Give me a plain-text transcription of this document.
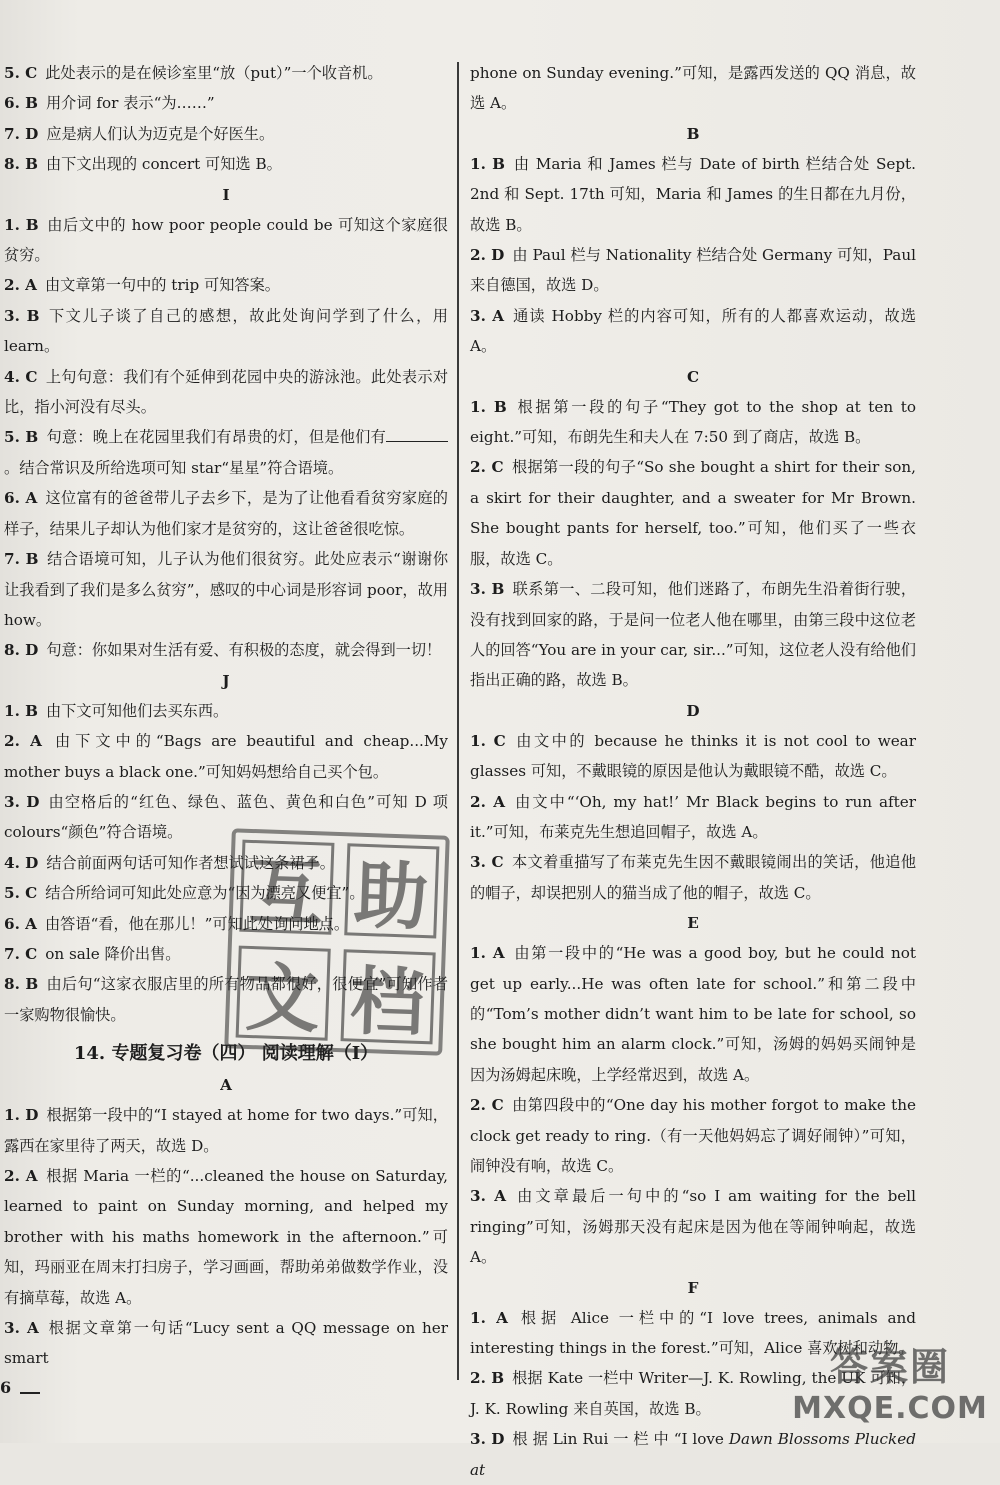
5. C 此处表示的是在候诊室里“放（put）”一个收音机。

6. B 用介词 for 表示“为……”

7. D 应是病人们认为迈克是个好医生。

8. B 由下文出现的 concert 可知选 B。

I

1. B 由后文中的 how poor people could be 可知这个家庭很贫穷。

2. A 由文章第一句中的 trip 可知答案。

3. B 下文儿子谈了自己的感想，故此处询问学到了什么，用 learn。

4. C 上句句意：我们有个延伸到花园中央的游泳池。此处表示对比，指小河没有尽头。

5. B 句意：晚上在花园里我们有昂贵的灯，但是他们有。结合常识及所给选项可知 star“星星”符合语境。

6. A 这位富有的爸爸带儿子去乡下，是为了让他看看贫穷家庭的样子，结果儿子却认为他们家才是贫穷的，这让爸爸很吃惊。

7. B 结合语境可知，儿子认为他们很贫穷。此处应表示“谢谢你让我看到了我们是多么贫穷”，感叹的中心词是形容词 poor，故用 how。

8. D 句意：你如果对生活有爱、有积极的态度，就会得到一切！

J

1. B 由下文可知他们去买东西。

2. A 由下文中的“Bags are beautiful and cheap...My mother buys a black one.”可知妈妈想给自己买个包。

3. D 由空格后的“红色、绿色、蓝色、黄色和白色”可知 D 项 colours“颜色”符合语境。

4. D 结合前面两句话可知作者想试试这条裙子。

5. C 结合所给词可知此处应意为“因为漂亮又便宜”。

6. A 由答语“看，他在那儿！”可知此处询问地点。

7. C on sale 降价出售。

8. B 由后句“这家衣服店里的所有物品都很好，很便宜”可知作者一家购物很愉快。

14. 专题复习卷（四） 阅读理解（Ⅰ）
A

1. D 根据第一段中的“I stayed at home for two days.”可知，露西在家里待了两天，故选 D。

2. A 根据 Maria 一栏的“...cleaned the house on Saturday, learned to paint on Sunday morning, and helped my brother with his maths homework in the afternoon.”可知，玛丽亚在周末打扫房子，学习画画，帮助弟弟做数学作业，没有摘草莓，故选 A。

3. A 根据文章第一句话“Lucy sent a QQ message on her smart

phone on Sunday evening.”可知，是露西发送的 QQ 消息，故选 A。

B

1. B 由 Maria 和 James 栏与 Date of birth 栏结合处 Sept. 2nd 和 Sept. 17th 可知，Maria 和 James 的生日都在九月份，故选 B。

2. D 由 Paul 栏与 Nationality 栏结合处 Germany 可知，Paul 来自德国，故选 D。

3. A 通读 Hobby 栏的内容可知，所有的人都喜欢运动，故选 A。

C

1. B 根据第一段的句子“They got to the shop at ten to eight.”可知，布朗先生和夫人在 7:50 到了商店，故选 B。

2. C 根据第一段的句子“So she bought a shirt for their son, a skirt for their daughter, and a sweater for Mr Brown. She bought pants for herself, too.”可知，他们买了一些衣服，故选 C。

3. B 联系第一、二段可知，他们迷路了，布朗先生沿着街行驶，没有找到回家的路，于是问一位老人他在哪里，由第三段中这位老人的回答“You are in your car, sir...”可知，这位老人没有给他们指出正确的路，故选 B。

D

1. C 由文中的 because he thinks it is not cool to wear glasses 可知，不戴眼镜的原因是他认为戴眼镜不酷，故选 C。

2. A 由文中“‘Oh, my hat!’ Mr Black begins to run after it.”可知，布莱克先生想追回帽子，故选 A。

3. C 本文着重描写了布莱克先生因不戴眼镜闹出的笑话，他追他的帽子，却误把别人的猫当成了他的帽子，故选 C。

E

1. A 由第一段中的“He was a good boy, but he could not get up early...He was often late for school.”和第二段中的“Tom’s mother didn’t want him to be late for school, so she bought him an alarm clock.”可知，汤姆的妈妈买闹钟是因为汤姆起床晚，上学经常迟到，故选 A。

2. C 由第四段中的“One day his mother forgot to make the clock get ready to ring.（有一天他妈妈忘了调好闹钟）”可知，闹钟没有响，故选 C。

3. A 由文章最后一句中的“so I am waiting for the bell ringing”可知，汤姆那天没有起床是因为他在等闹钟响起，故选 A。

F

1. A 根据 Alice 一栏中的“I love trees, animals and interesting things in the forest.”可知，Alice 喜欢树和动物。

2. B 根据 Kate 一栏中 Writer—J. K. Rowling, the UK 可知，J. K. Rowling 来自英国，故选 B。

3. D 根 据 Lin Rui 一 栏 中 “I love Dawn Blossoms Plucked at

互 助
文 档
答案圈
MXQE.COM
6
